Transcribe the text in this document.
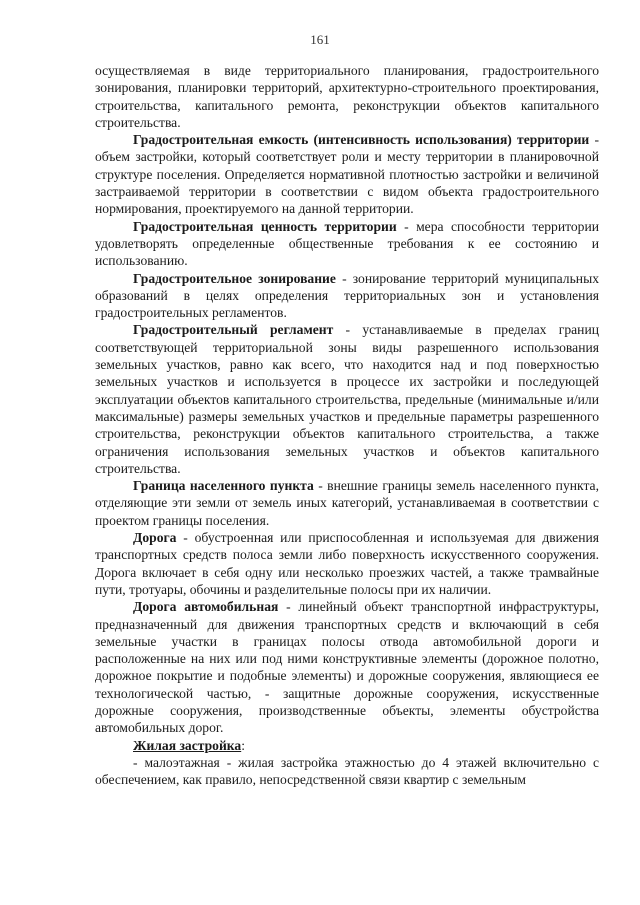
161

осуществляемая в виде территориального планирования, градостроительного зонирования, планировки территорий, архитектурно-строительного проектирования, строительства, капитального ремонта, реконструкции объектов капитального строительства.

Градостроительная емкость (интенсивность использования) территории - объем застройки, который соответствует роли и месту территории в планировочной структуре поселения. Определяется нормативной плотностью застройки и величиной застраиваемой территории в соответствии с видом объекта градостроительного нормирования, проектируемого на данной территории.

Градостроительная ценность территории - мера способности территории удовлетворять определенные общественные требования к ее состоянию и использованию.

Градостроительное зонирование - зонирование территорий муниципальных образований в целях определения территориальных зон и установления градостроительных регламентов.

Градостроительный регламент - устанавливаемые в пределах границ соответствующей территориальной зоны виды разрешенного использования земельных участков, равно как всего, что находится над и под поверхностью земельных участков и используется в процессе их застройки и последующей эксплуатации объектов капитального строительства, предельные (минимальные и/или максимальные) размеры земельных участков и предельные параметры разрешенного строительства, реконструкции объектов капитального строительства, а также ограничения использования земельных участков и объектов капитального строительства.

Граница населенного пункта - внешние границы земель населенного пункта, отделяющие эти земли от земель иных категорий, устанавливаемая в соответствии с проектом границы поселения.

Дорога - обустроенная или приспособленная и используемая для движения транспортных средств полоса земли либо поверхность искусственного сооружения. Дорога включает в себя одну или несколько проезжих частей, а также трамвайные пути, тротуары, обочины и разделительные полосы при их наличии.

Дорога автомобильная - линейный объект транспортной инфраструктуры, предназначенный для движения транспортных средств и включающий в себя земельные участки в границах полосы отвода автомобильной дороги и расположенные на них или под ними конструктивные элементы (дорожное полотно, дорожное покрытие и подобные элементы) и дорожные сооружения, являющиеся ее технологической частью, - защитные дорожные сооружения, искусственные дорожные сооружения, производственные объекты, элементы обустройства автомобильных дорог.

Жилая застройка:

- малоэтажная - жилая застройка этажностью до 4 этажей включительно с обеспечением, как правило, непосредственной связи квартир с земельным
